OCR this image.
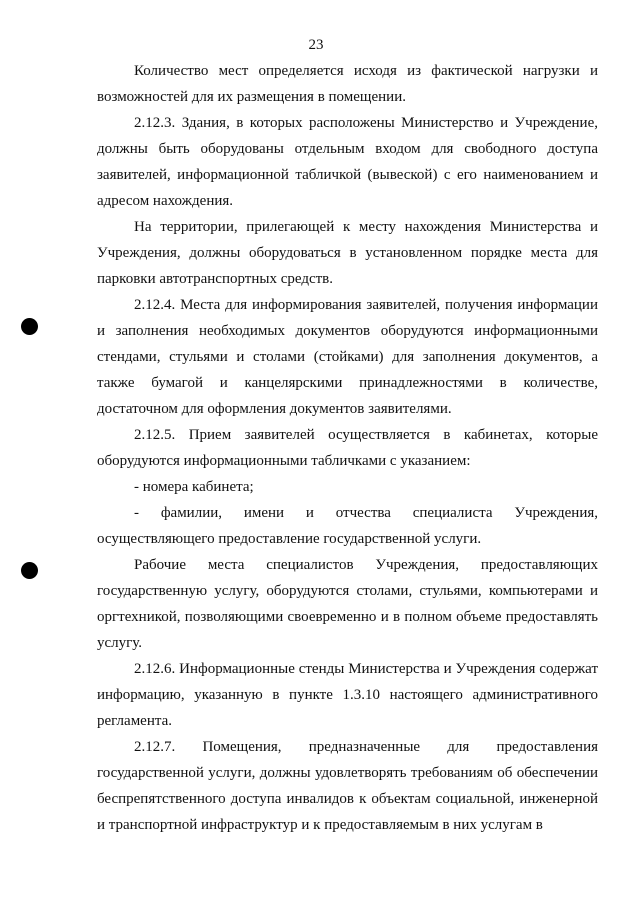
23

Количество мест определяется исходя из фактической нагрузки и возможностей для их размещения в помещении.

2.12.3. Здания, в которых расположены Министерство и Учреждение, должны быть оборудованы отдельным входом для свободного доступа заявителей, информационной табличкой (вывеской) с его наименованием и адресом нахождения.

На территории, прилегающей к месту нахождения Министерства и Учреждения, должны оборудоваться в установленном порядке места для парковки автотранспортных средств.

2.12.4. Места для информирования заявителей, получения информации и заполнения необходимых документов оборудуются информационными стендами, стульями и столами (стойками) для заполнения документов, а также бумагой и канцелярскими принадлежностями в количестве, достаточном для оформления документов заявителями.

2.12.5. Прием заявителей осуществляется в кабинетах, которые оборудуются информационными табличками с указанием:

- номера кабинета;

- фамилии, имени и отчества специалиста Учреждения, осуществляющего предоставление государственной услуги.

Рабочие места специалистов Учреждения, предоставляющих государственную услугу, оборудуются столами, стульями, компьютерами и оргтехникой, позволяющими своевременно и в полном объеме предоставлять услугу.

2.12.6. Информационные стенды Министерства и Учреждения содержат информацию, указанную в пункте 1.3.10 настоящего административного регламента.

2.12.7. Помещения, предназначенные для предоставления государственной услуги, должны удовлетворять требованиям об обеспечении беспрепятственного доступа инвалидов к объектам социальной, инженерной и транспортной инфраструктур и к предоставляемым в них услугам в
